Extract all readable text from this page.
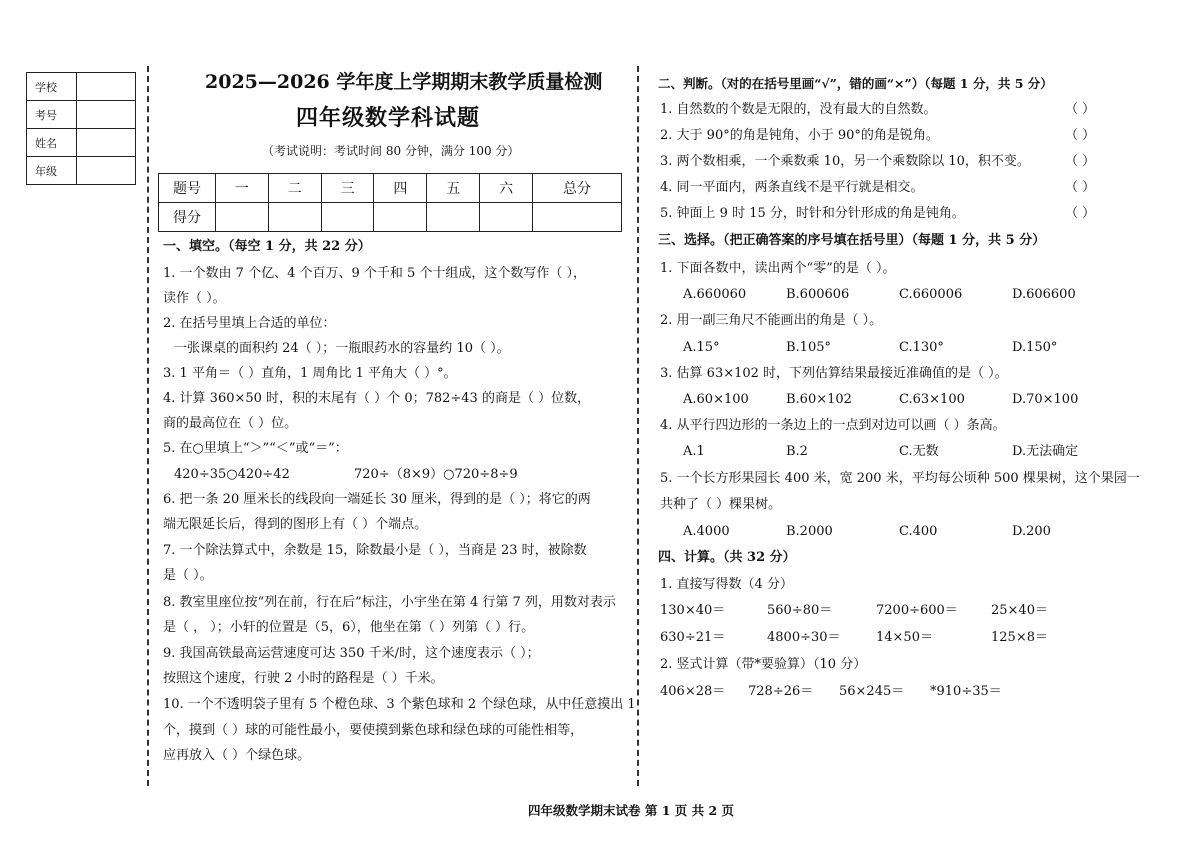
学校	
考号	
姓名	
年级	
2025—2026 学年度上学期期末教学质量检测
四年级数学科试题
（考试说明：考试时间 80 分钟，满分 100 分）
题号	一	二	三	四	五	六	总分
得分							
一、填空。（每空 1 分，共 22 分）
1. 一个数由 7 个亿、4 个百万、9 个千和 5 个十组成，这个数写作（ ），
读作（ ）。
2. 在括号里填上合适的单位：
一张课桌的面积约 24（ ）；一瓶眼药水的容量约 10（ ）。
3. 1 平角＝（ ）直角，1 周角比 1 平角大（ ）°。
4. 计算 360×50 时，积的末尾有（ ）个 0；782÷43 的商是（ ）位数，
商的最高位在（ ）位。
5. 在○里填上“＞”“＜”或“＝”：
420÷35○420÷42	720÷（8×9）○720÷8÷9
6. 把一条 20 厘米长的线段向一端延长 30 厘米，得到的是（ ）；将它的两
端无限延长后，得到的图形上有（ ）个端点。
7. 一个除法算式中，余数是 15，除数最小是（ ），当商是 23 时，被除数
是（ ）。
8. 教室里座位按“列在前，行在后”标注，小宇坐在第 4 行第 7 列，用数对表示
是（ ， ）；小轩的位置是（5，6），他坐在第（ ）列第（ ）行。
9. 我国高铁最高运营速度可达 350 千米/时，这个速度表示（ ）；
按照这个速度，行驶 2 小时的路程是（ ）千米。
10. 一个不透明袋子里有 5 个橙色球、3 个紫色球和 2 个绿色球，从中任意摸出 1
个，摸到（ ）球的可能性最小，要使摸到紫色球和绿色球的可能性相等，
应再放入（ ）个绿色球。
二、判断。（对的在括号里画“√”，错的画“×”）（每题 1 分，共 5 分）
1. 自然数的个数是无限的，没有最大的自然数。	（ ）
2. 大于 90°的角是钝角，小于 90°的角是锐角。	（ ）
3. 两个数相乘，一个乘数乘 10，另一个乘数除以 10，积不变。	（ ）
4. 同一平面内，两条直线不是平行就是相交。	（ ）
5. 钟面上 9 时 15 分，时针和分针形成的角是钝角。	（ ）
三、选择。（把正确答案的序号填在括号里）（每题 1 分，共 5 分）
1. 下面各数中，读出两个“零”的是（ ）。
A.660060	B.600606	C.660006	D.606600
2. 用一副三角尺不能画出的角是（ ）。
A.15°	B.105°	C.130°	D.150°
3. 估算 63×102 时，下列估算结果最接近准确值的是（ ）。
A.60×100	B.60×102	C.63×100	D.70×100
4. 从平行四边形的一条边上的一点到对边可以画（ ）条高。
A.1	B.2	C.无数	D.无法确定
5. 一个长方形果园长 400 米，宽 200 米，平均每公顷种 500 棵果树，这个果园一
共种了（ ）棵果树。
A.4000	B.2000	C.400	D.200
四、计算。（共 32 分）
1. 直接写得数（4 分）
130×40＝	560÷80＝	7200÷600＝	25×40＝
630÷21＝	4800÷30＝	14×50＝	125×8＝
2. 竖式计算（带*要验算）（10 分）
406×28＝ 728÷26＝ 56×245＝ *910÷35＝
四年级数学期末试卷 第 1 页 共 2 页
